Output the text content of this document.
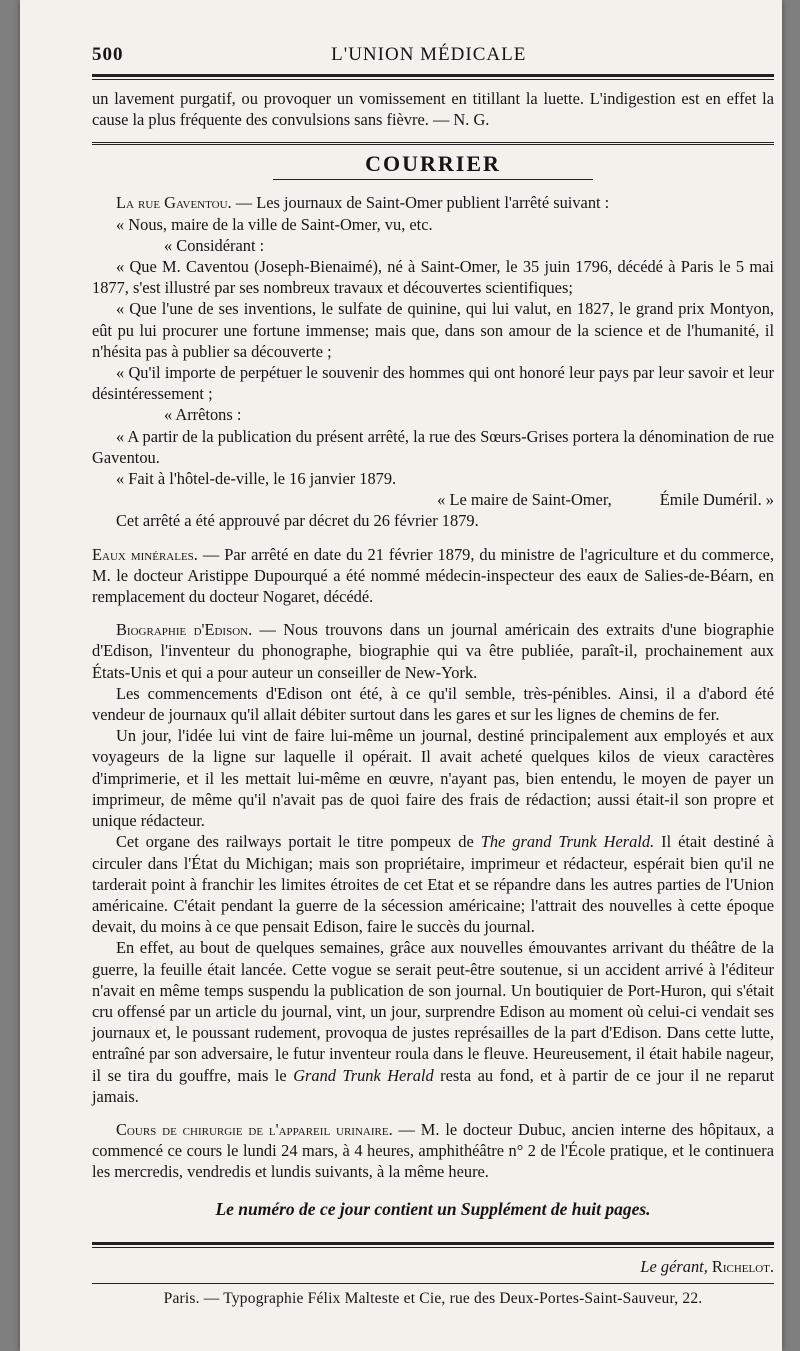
500	L'UNION MÉDICALE

un lavement purgatif, ou provoquer un vomissement en titillant la luette. L'indigestion est en effet la cause la plus fréquente des convulsions sans fièvre. — N. G.

COURRIER

La rue Gaventou. — Les journaux de Saint-Omer publient l'arrêté suivant :

« Nous, maire de la ville de Saint-Omer, vu, etc.

« Considérant :

« Que M. Caventou (Joseph-Bienaimé), né à Saint-Omer, le 35 juin 1796, décédé à Paris le 5 mai 1877, s'est illustré par ses nombreux travaux et découvertes scientifiques;

« Que l'une de ses inventions, le sulfate de quinine, qui lui valut, en 1827, le grand prix Montyon, eût pu lui procurer une fortune immense; mais que, dans son amour de la science et de l'humanité, il n'hésita pas à publier sa découverte ;

« Qu'il importe de perpétuer le souvenir des hommes qui ont honoré leur pays par leur savoir et leur désintéressement ;

« Arrêtons :

« A partir de la publication du présent arrêté, la rue des Sœurs-Grises portera la dénomination de rue Gaventou.

« Fait à l'hôtel-de-ville, le 16 janvier 1879.

« Le maire de Saint-Omer,	Émile Duméril. »

Cet arrêté a été approuvé par décret du 26 février 1879.

Eaux minérales. — Par arrêté en date du 21 février 1879, du ministre de l'agriculture et du commerce, M. le docteur Aristippe Dupourqué a été nommé médecin-inspecteur des eaux de Salies-de-Béarn, en remplacement du docteur Nogaret, décédé.

Biographie d'Edison. — Nous trouvons dans un journal américain des extraits d'une biographie d'Edison, l'inventeur du phonographe, biographie qui va être publiée, paraît-il, prochainement aux États-Unis et qui a pour auteur un conseiller de New-York.

Les commencements d'Edison ont été, à ce qu'il semble, très-pénibles. Ainsi, il a d'abord été vendeur de journaux qu'il allait débiter surtout dans les gares et sur les lignes de chemins de fer.

Un jour, l'idée lui vint de faire lui-même un journal, destiné principalement aux employés et aux voyageurs de la ligne sur laquelle il opérait. Il avait acheté quelques kilos de vieux caractères d'imprimerie, et il les mettait lui-même en œuvre, n'ayant pas, bien entendu, le moyen de payer un imprimeur, de même qu'il n'avait pas de quoi faire des frais de rédaction; aussi était-il son propre et unique rédacteur.

Cet organe des railways portait le titre pompeux de The grand Trunk Herald. Il était destiné à circuler dans l'État du Michigan; mais son propriétaire, imprimeur et rédacteur, espérait bien qu'il ne tarderait point à franchir les limites étroites de cet Etat et se répandre dans les autres parties de l'Union américaine. C'était pendant la guerre de la sécession américaine; l'attrait des nouvelles à cette époque devait, du moins à ce que pensait Edison, faire le succès du journal.

En effet, au bout de quelques semaines, grâce aux nouvelles émouvantes arrivant du théâtre de la guerre, la feuille était lancée. Cette vogue se serait peut-être soutenue, si un accident arrivé à l'éditeur n'avait en même temps suspendu la publication de son journal. Un boutiquier de Port-Huron, qui s'était cru offensé par un article du journal, vint, un jour, surprendre Edison au moment où celui-ci vendait ses journaux et, le poussant rudement, provoqua de justes représailles de la part d'Edison. Dans cette lutte, entraîné par son adversaire, le futur inventeur roula dans le fleuve. Heureusement, il était habile nageur, il se tira du gouffre, mais le Grand Trunk Herald resta au fond, et à partir de ce jour il ne reparut jamais.

Cours de chirurgie de l'appareil urinaire. — M. le docteur Dubuc, ancien interne des hôpitaux, a commencé ce cours le lundi 24 mars, à 4 heures, amphithéâtre n° 2 de l'École pratique, et le continuera les mercredis, vendredis et lundis suivants, à la même heure.

Le numéro de ce jour contient un Supplément de huit pages.
Le gérant, Richelot.
Paris. — Typographie Félix Malteste et Cie, rue des Deux-Portes-Saint-Sauveur, 22.
